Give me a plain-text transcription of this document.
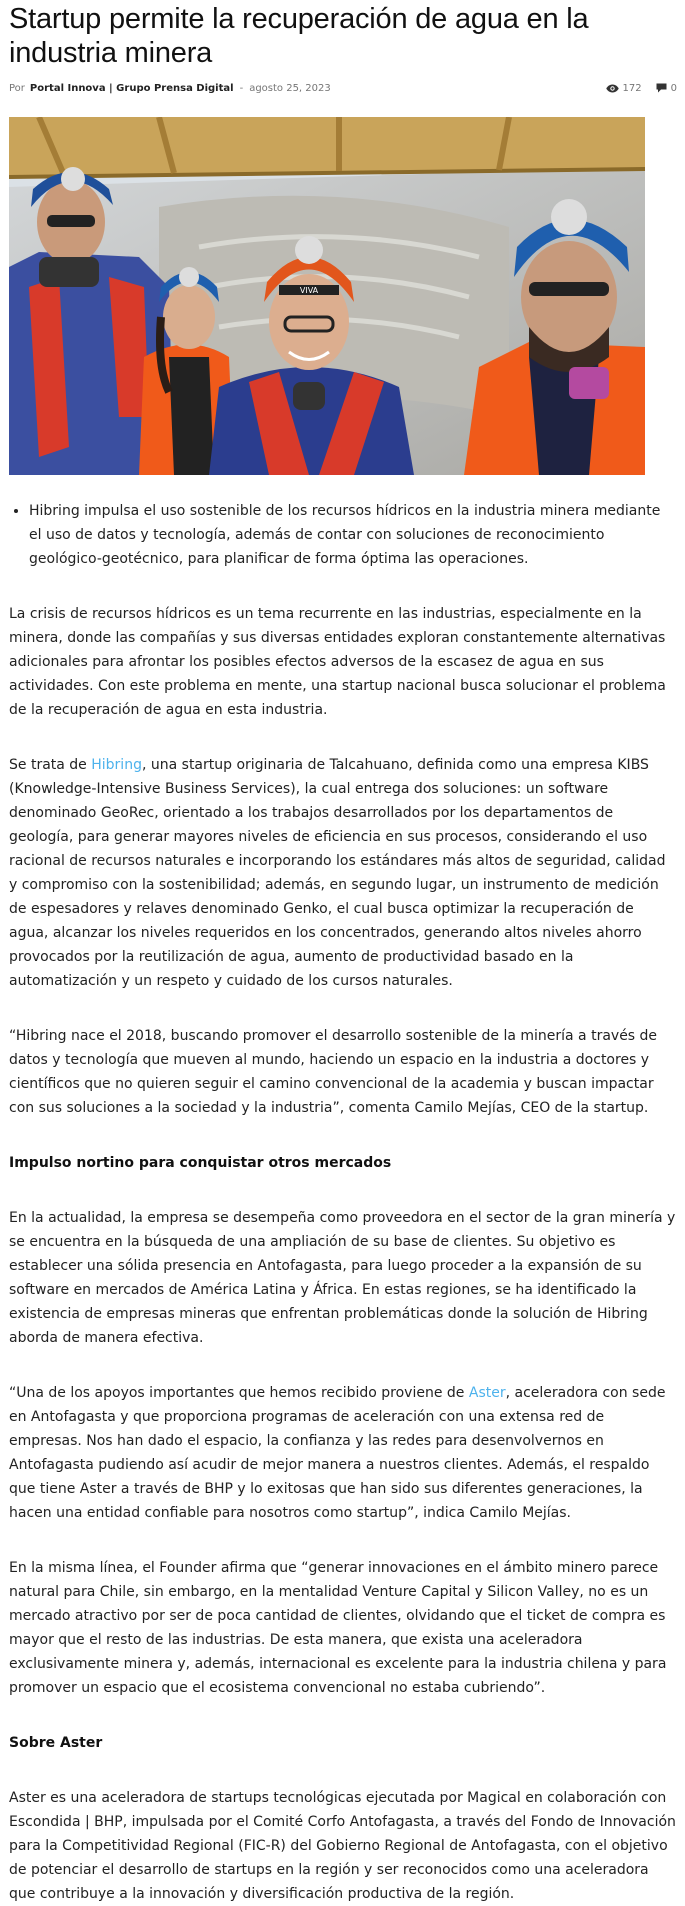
Startup permite la recuperación de agua en la industria minera
Por Portal Innova | Grupo Prensa Digital - agosto 25, 2023	172	0
VIVA
• Hibring impulsa el uso sostenible de los recursos hídricos en la industria minera mediante el uso de datos y tecnología, además de contar con soluciones de reconocimiento geológico-geotécnico, para planificar de forma óptima las operaciones.

La crisis de recursos hídricos es un tema recurrente en las industrias, especialmente en la minera, donde las compañías y sus diversas entidades exploran constantemente alternativas adicionales para afrontar los posibles efectos adversos de la escasez de agua en sus actividades. Con este problema en mente, una startup nacional busca solucionar el problema de la recuperación de agua en esta industria.

Se trata de Hibring, una startup originaria de Talcahuano, definida como una empresa KIBS (Knowledge-Intensive Business Services), la cual entrega dos soluciones: un software denominado GeoRec, orientado a los trabajos desarrollados por los departamentos de geología, para generar mayores niveles de eficiencia en sus procesos, considerando el uso racional de recursos naturales e incorporando los estándares más altos de seguridad, calidad y compromiso con la sostenibilidad; además, en segundo lugar, un instrumento de medición de espesadores y relaves denominado Genko, el cual busca optimizar la recuperación de agua, alcanzar los niveles requeridos en los concentrados, generando altos niveles ahorro provocados por la reutilización de agua, aumento de productividad basado en la automatización y un respeto y cuidado de los cursos naturales.

“Hibring nace el 2018, buscando promover el desarrollo sostenible de la minería a través de datos y tecnología que mueven al mundo, haciendo un espacio en la industria a doctores y científicos que no quieren seguir el camino convencional de la academia y buscan impactar con sus soluciones a la sociedad y la industria”, comenta Camilo Mejías, CEO de la startup.

Impulso nortino para conquistar otros mercados

En la actualidad, la empresa se desempeña como proveedora en el sector de la gran minería y se encuentra en la búsqueda de una ampliación de su base de clientes. Su objetivo es establecer una sólida presencia en Antofagasta, para luego proceder a la expansión de su software en mercados de América Latina y África. En estas regiones, se ha identificado la existencia de empresas mineras que enfrentan problemáticas donde la solución de Hibring aborda de manera efectiva.

“Una de los apoyos importantes que hemos recibido proviene de Aster, aceleradora con sede en Antofagasta y que proporciona programas de aceleración con una extensa red de empresas. Nos han dado el espacio, la confianza y las redes para desenvolvernos en Antofagasta pudiendo así acudir de mejor manera a nuestros clientes. Además, el respaldo que tiene Aster a través de BHP y lo exitosas que han sido sus diferentes generaciones, la hacen una entidad confiable para nosotros como startup”, indica Camilo Mejías.

En la misma línea, el Founder afirma que “generar innovaciones en el ámbito minero parece natural para Chile, sin embargo, en la mentalidad Venture Capital y Silicon Valley, no es un mercado atractivo por ser de poca cantidad de clientes, olvidando que el ticket de compra es mayor que el resto de las industrias. De esta manera, que exista una aceleradora exclusivamente minera y, además, internacional es excelente para la industria chilena y para promover un espacio que el ecosistema convencional no estaba cubriendo”.

Sobre Aster

Aster es una aceleradora de startups tecnológicas ejecutada por Magical en colaboración con Escondida | BHP, impulsada por el Comité Corfo Antofagasta, a través del Fondo de Innovación para la Competitividad Regional (FIC-R) del Gobierno Regional de Antofagasta, con el objetivo de potenciar el desarrollo de startups en la región y ser reconocidos como una aceleradora que contribuye a la innovación y diversificación productiva de la región.
